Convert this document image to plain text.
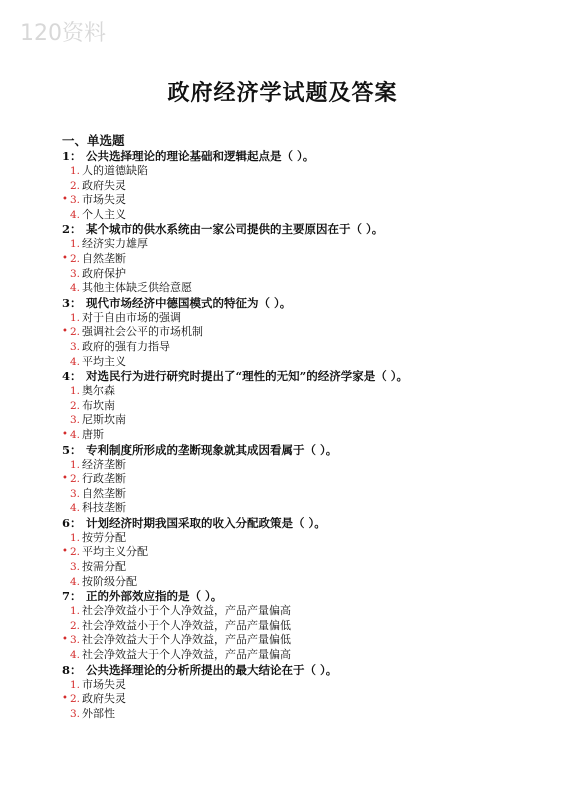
120资料
政府经济学试题及答案
一、单选题
1： 公共选择理论的理论基础和逻辑起点是（ ）。
1. 人的道德缺陷
2. 政府失灵
• 3. 市场失灵
4. 个人主义
2： 某个城市的供水系统由一家公司提供的主要原因在于（ ）。
1. 经济实力雄厚
• 2. 自然垄断
3. 政府保护
4. 其他主体缺乏供给意愿
3： 现代市场经济中德国模式的特征为（ ）。
1. 对于自由市场的强调
• 2. 强调社会公平的市场机制
3. 政府的强有力指导
4. 平均主义
4： 对选民行为进行研究时提出了“理性的无知”的经济学家是（ ）。
1. 奥尔森
2. 布坎南
3. 尼斯坎南
• 4. 唐斯
5： 专利制度所形成的垄断现象就其成因看属于（ ）。
1. 经济垄断
• 2. 行政垄断
3. 自然垄断
4. 科技垄断
6： 计划经济时期我国采取的收入分配政策是（ ）。
1. 按劳分配
• 2. 平均主义分配
3. 按需分配
4. 按阶级分配
7： 正的外部效应指的是（ ）。
1. 社会净效益小于个人净效益，产品产量偏高
2. 社会净效益小于个人净效益，产品产量偏低
• 3. 社会净效益大于个人净效益，产品产量偏低
4. 社会净效益大于个人净效益，产品产量偏高
8： 公共选择理论的分析所提出的最大结论在于（ ）。
1. 市场失灵
• 2. 政府失灵
3. 外部性
